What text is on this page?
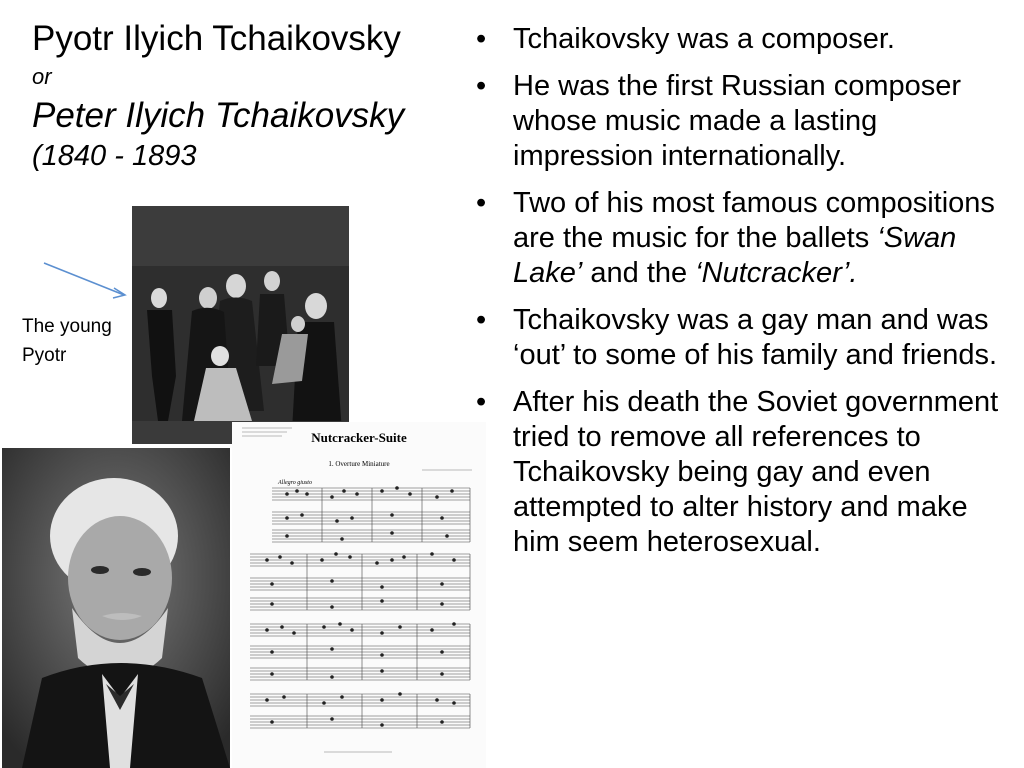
Pyotr Ilyich Tchaikovsky
or
Peter Ilyich Tchaikovsky
(1840 - 1893
• Tchaikovsky was a composer.
• He was the first Russian composer whose music made a lasting impression internationally.
• Two of his most famous compositions are the music for the ballets ‘Swan Lake’ and the ‘Nutcracker’.
• Tchaikovsky was a gay man and was ‘out’ to some of his family and friends.
• After his death the Soviet government tried to remove all references to Tchaikovsky being gay and even attempted to alter history and make him seem heterosexual.
The young
Pyotr
Nutcracker-Suite
1. Overture Miniature
Allegro giusto
